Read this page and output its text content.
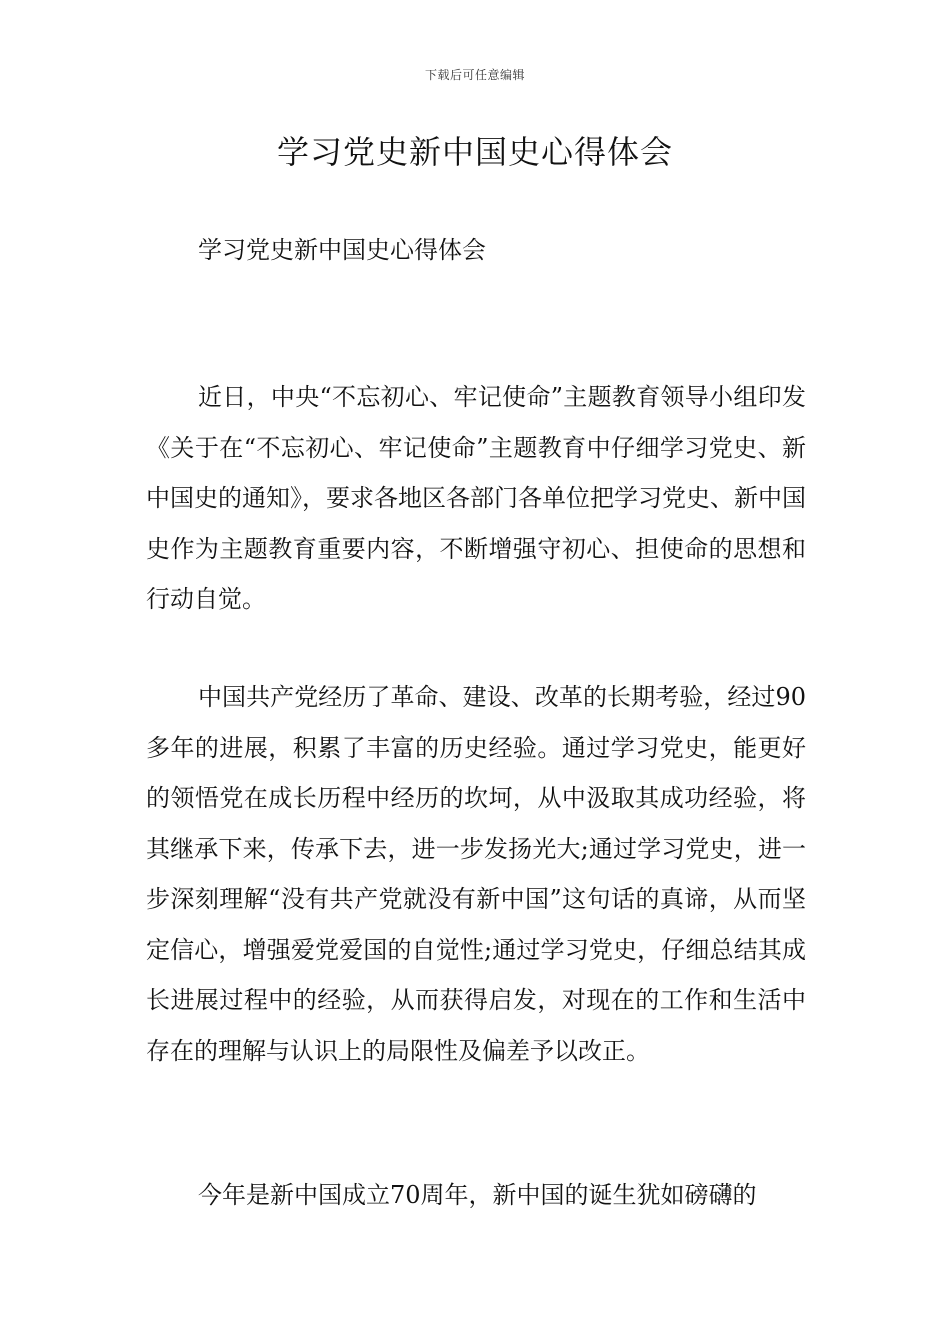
下载后可任意编辑
学习党史新中国史心得体会

学习党史新中国史心得体会

近日，中央“不忘初心、牢记使命”主题教育领导小组印发《关于在“不忘初心、牢记使命”主题教育中仔细学习党史、新中国史的通知》，要求各地区各部门各单位把学习党史、新中国史作为主题教育重要内容，不断增强守初心、担使命的思想和行动自觉。

中国共产党经历了革命、建设、改革的长期考验，经过90多年的进展，积累了丰富的历史经验。通过学习党史，能更好的领悟党在成长历程中经历的坎坷，从中汲取其成功经验，将其继承下来，传承下去，进一步发扬光大;通过学习党史，进一步深刻理解“没有共产党就没有新中国”这句话的真谛，从而坚定信心，增强爱党爱国的自觉性;通过学习党史，仔细总结其成长进展过程中的经验，从而获得启发，对现在的工作和生活中存在的理解与认识上的局限性及偏差予以改正。

今年是新中国成立70周年，新中国的诞生犹如磅礴的
